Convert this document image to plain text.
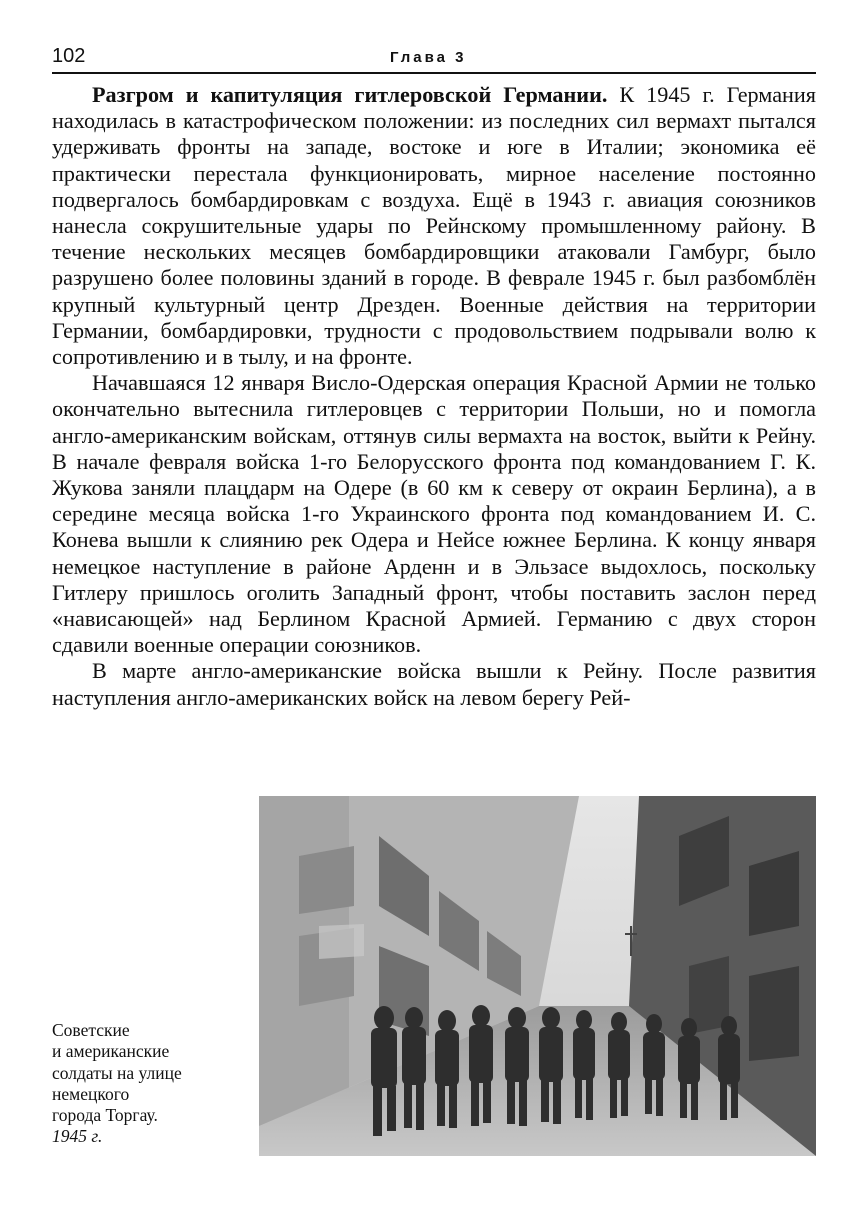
102	Глава 3

Разгром и капитуляция гитлеровской Германии. К 1945 г. Германия находилась в катастрофическом положении: из последних сил вермахт пытался удерживать фронты на западе, востоке и юге в Италии; экономика её практически перестала функционировать, мирное население постоянно подвергалось бомбардировкам с воздуха. Ещё в 1943 г. авиация союзников нанесла сокрушительные удары по Рейнскому промышленному району. В течение нескольких месяцев бомбардировщики атаковали Гамбург, было разрушено более половины зданий в городе. В феврале 1945 г. был разбомблён крупный культурный центр Дрезден. Военные действия на территории Германии, бомбардировки, трудности с продовольствием подрывали волю к сопротивлению и в тылу, и на фронте.

Начавшаяся 12 января Висло-Одерская операция Красной Армии не только окончательно вытеснила гитлеровцев с территории Польши, но и помогла англо-американским войскам, оттянув силы вермахта на восток, выйти к Рейну. В начале февраля войска 1-го Белорусского фронта под командованием Г. К. Жукова заняли плацдарм на Одере (в 60 км к северу от окраин Берлина), а в середине месяца войска 1-го Украинского фронта под командованием И. С. Конева вышли к слиянию рек Одера и Нейсе южнее Берлина. К концу января немецкое наступление в районе Арденн и в Эльзасе выдохлось, поскольку Гитлеру пришлось оголить Западный фронт, чтобы поставить заслон перед «нависающей» над Берлином Красной Армией. Германию с двух сторон сдавили военные операции союзников.

В марте англо-американские войска вышли к Рейну. После развития наступления англо-американских войск на левом берегу Рей-

Советские
и американские
солдаты на улице
немецкого
города Торгау.
1945 г.
